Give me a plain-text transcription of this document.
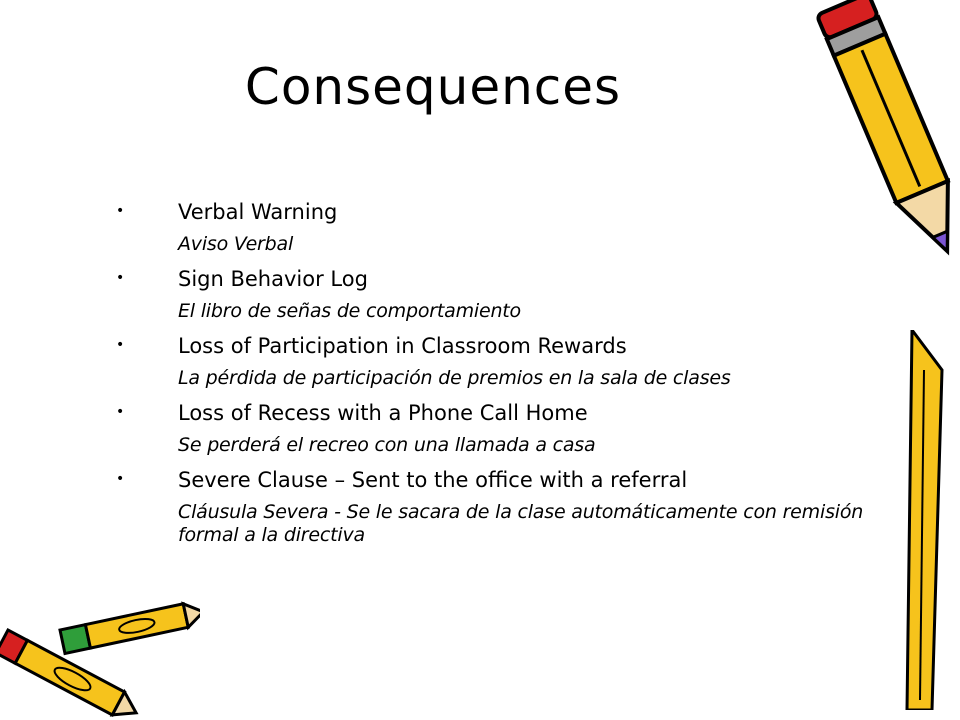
Consequences
•	Verbal Warning
Aviso Verbal
•	Sign Behavior Log
El libro de señas de comportamiento
•	Loss of Participation in Classroom Rewards
La pérdida de participación de premios en la sala de clases
•	Loss of Recess with a Phone Call Home
Se perderá el recreo con una llamada a casa
•	Severe Clause – Sent to the office with a referral
Cláusula Severa - Se le sacara de la clase automáticamente con remisión formal a la directiva
